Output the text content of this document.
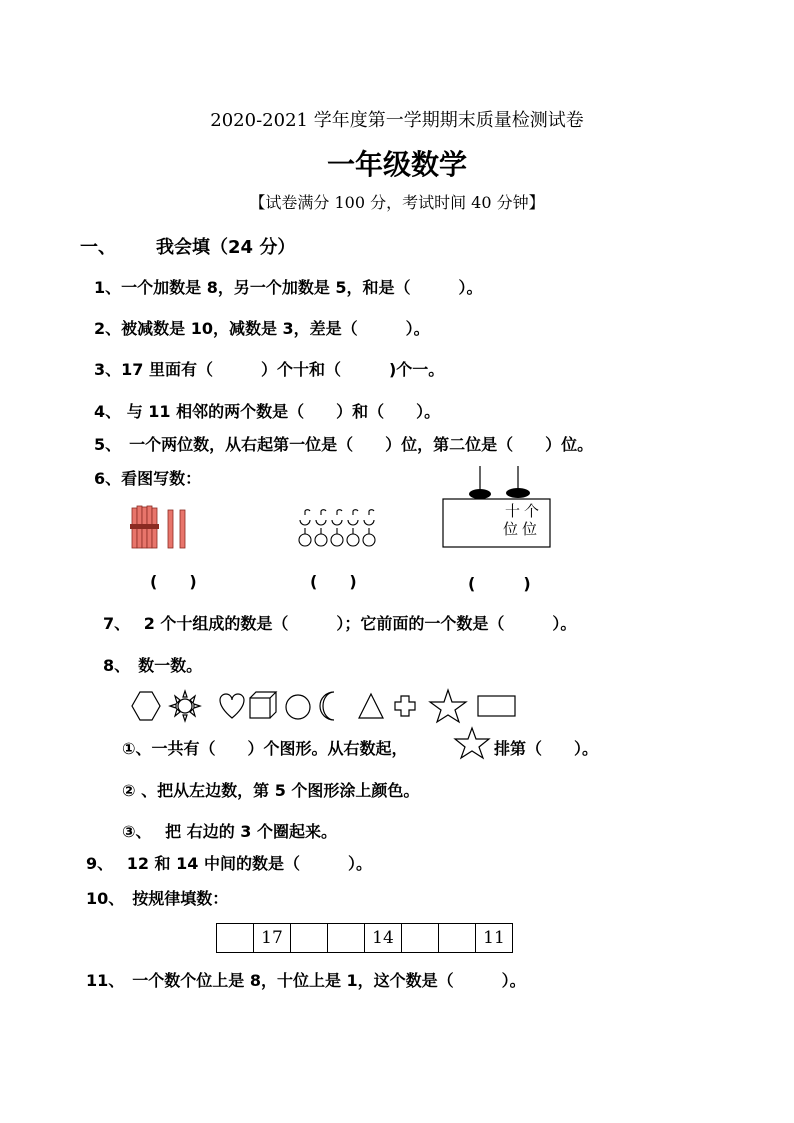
2020-2021 学年度第一学期期末质量检测试卷
一年级数学
【试卷满分 100 分，考试时间 40 分钟】
一、 我会填（24 分）
1、一个加数是 8，另一个加数是 5，和是（　　　）。
2、被减数是 10，减数是 3，差是（　　　）。
3、17 里面有（　　　）个十和（　　　)个一。
4、 与 11 相邻的两个数是（　　）和（　　）。
5、　一个两位数，从右起第一位是（　　）位，第二位是（　　）位。
6、看图写数：
十 个
位 位
(　　)	(　　)	(　　　)
7、　 2 个十组成的数是（　　　）；它前面的一个数是（　　　）。
8、　数一数。
①、一共有（　　）个图形。从右数起，	排第（　　）。
② 、把从左边数，第 5 个图形涂上颜色。
③、　 把 右边的 3 个圈起来。
9、　 12 和 14 中间的数是（　　　）。
10、　按规律填数：
	17			14			11
11、　一个数个位上是 8，十位上是 1，这个数是（　　　）。
